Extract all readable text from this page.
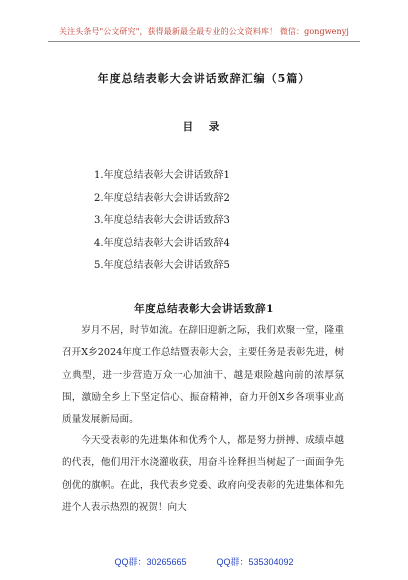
关注头条号"公文研究"，获得最新最全最专业的公文资料库！ 微信：gongwenyj
年度总结表彰大会讲话致辞汇编（5篇）
目 录
1.年度总结表彰大会讲话致辞1
2.年度总结表彰大会讲话致辞2
3.年度总结表彰大会讲话致辞3
4.年度总结表彰大会讲话致辞4
5.年度总结表彰大会讲话致辞5
年度总结表彰大会讲话致辞1

岁月不居，时节如流。在辞旧迎新之际，我们欢聚一堂，隆重召开X乡2024年度工作总结暨表彰大会，主要任务是表彰先进，树立典型，进一步营造万众一心加油干、越是艰险越向前的浓厚氛围，激励全乡上下坚定信心、振奋精神，奋力开创X乡各项事业高质量发展新局面。

今天受表彰的先进集体和优秀个人，都是努力拼搏、成绩卓越的代表，他们用汗水浇灌收获，用奋斗诠释担当树起了一面面争先创优的旗帜。在此，我代表乡党委、政府向受表彰的先进集体和先进个人表示热烈的祝贺！向大

QQ群：30265665	QQ群：535304092
